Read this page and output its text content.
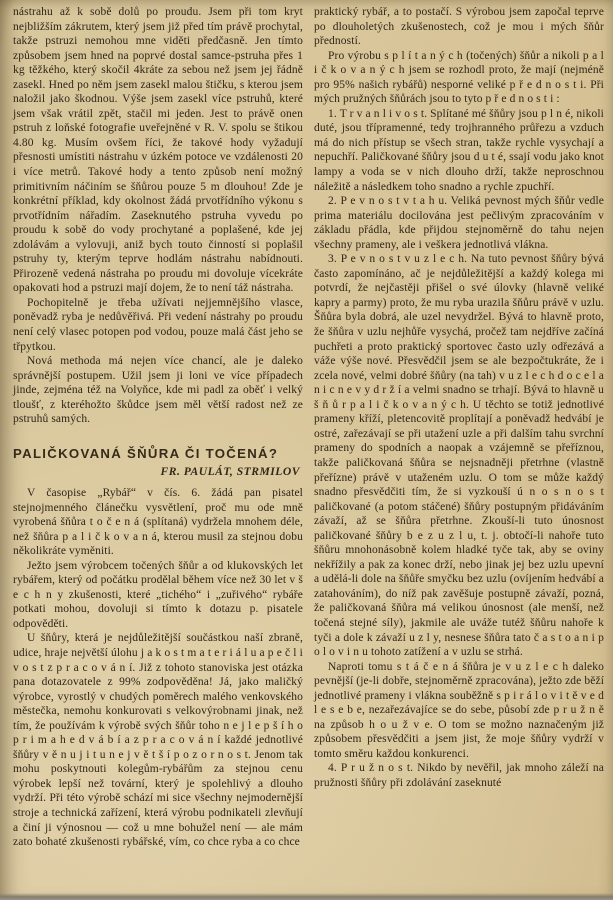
nástrahu až k sobě dolů po proudu. Jsem při tom kryt nejbližším zákrutem, který jsem již před tím právě prochytal, takže pstruzi nemohou mne viděti předčasně. Jen tímto způsobem jsem hned na poprvé dostal samce-pstruha přes 1 kg těžkého, který skočil 4kráte za sebou než jsem jej řádně zasekl. Hned po něm jsem zasekl malou štičku, s kterou jsem naložil jako škodnou. Výše jsem zasekl více pstruhů, které jsem však vrátil zpět, stačil mi jeden. Jest to právě onen pstruh z loňské fotografie uveřejněné v R. V. spolu se štikou 4.80 kg. Musím ovšem říci, že takové hody vyžadují přesnosti umístiti nástrahu v úzkém potoce ve vzdálenosti 20 i více metrů. Takové hody a tento způsob není možný primitivním náčiním se šňůrou pouze 5 m dlouhou! Zde je konkrétní příklad, kdy okolnost žádá prvotřídního výkonu s prvotřídním nářadím. Zaseknutého pstruha vyvedu po proudu k sobě do vody prochytané a poplašené, kde jej zdolávám a vylovuji, aniž bych touto činností si poplašil pstruhy ty, kterým teprve hodlám nástrahu nabídnouti. Přirozeně vedená nástraha po proudu mi dovoluje vícekráte opakovati hod a pstruzi mají dojem, že to není táž nástraha.

Pochopitelně je třeba užívati nejjemnějšího vlasce, poněvadž ryba je nedůvěřivá. Při vedení nástrahy po proudu není celý vlasec potopen pod vodou, pouze malá část jeho se třpytkou.

Nová methoda má nejen více chancí, ale je daleko správnější postupem. Užil jsem ji loni ve více případech jinde, zejména též na Volyňce, kde mi padl za oběť i velký tloušť, z kteréhožto škůdce jsem měl větší radost než ze pstruhů samých.

PALIČKOVANÁ ŠŇŮRA ČI TOČENÁ?
FR. PAULÁT, STRMILOV

V časopise „Rybář“ v čís. 6. žádá pan pisatel stejnojmenného článečku vysvětlení, proč mu ode mně vyrobená šňůra t o č e n á (splítaná) vydržela mnohem déle, než šňůra p a l i č k o v a n á, kterou musil za stejnou dobu několikráte vyměniti.

Ježto jsem výrobcem točených šňůr a od klukovských let rybářem, který od počátku prodělal během více než 30 let v š e c h n y zkušenosti, které „tichého“ i „zuřivého“ rybáře potkati mohou, dovoluji si tímto k dotazu p. pisatele odpověděti.

U šňůry, která je nejdůležitější součástkou naší zbraně, udice, hraje největší úlohu j a k o s t m a t e r i á l u a p e č l i v o s t z p r a c o v á n í. Již z tohoto stanoviska jest otázka pana dotazovatele z 99% zodpověděna! Já, jako maličký výrobce, vyrostlý v chudých poměrech malého venkovského městečka, nemohu konkurovati s velkovýrobnami jinak, než tím, že používám k výrobě svých šňůr toho n e j l e p š í h o p r i m a h e d v á b í a z p r a c o v á n í každé jednotlivé šňůry v ě n u j i t u n e j v ě t š í p o z o r n o s t. Jenom tak mohu poskytnouti kolegům-rybářům za stejnou cenu výrobek lepší než tovární, který je spolehlivý a dlouho vydrží. Při této výrobě schází mi sice všechny nejmodernější stroje a technická zařízení, která výrobu podnikateli zlevňují a činí ji výnosnou — což u mne bohužel není — ale mám zato bohaté zkušenosti rybářské, vím, co chce ryba a co chce

praktický rybář, a to postačí. S výrobou jsem započal teprve po dlouholetých zkušenostech, což je mou i mých šňůr předností.

Pro výrobu s p l í t a n ý c h (točených) šňůr a nikoli p a l i č k o v a n ý c h jsem se rozhodl proto, že mají (nejméně pro 95% našich rybářů) nesporné veliké p ř e d n o s t i. Při mých pružných šňůrách jsou to tyto p ř e d n o s t i :

1. T r v a n l i v o s t. Splítané mé šňůry jsou p l n é, nikoli duté, jsou třípramenné, tedy trojhranného průřezu a vzduch má do nich přístup se všech stran, takže rychle vysychají a nepuchří. Paličkované šňůry jsou d u t é, ssají vodu jako knot lampy a voda se v nich dlouho drží, takže neproschnou náležitě a následkem toho snadno a rychle zpuchří.

2. P e v n o s t v t a h u. Veliká pevnost mých šňůr vedle prima materiálu docilována jest pečlivým zpracováním v základu přádla, kde přijdou stejnoměrně do tahu nejen všechny prameny, ale i veškera jednotlivá vlákna.

3. P e v n o s t v u z l e c h. Na tuto pevnost šňůry bývá často zapomínáno, ač je nejdůležitější a každý kolega mi potvrdí, že nejčastěji přišel o své úlovky (hlavně veliké kapry a parmy) proto, že mu ryba urazila šňůru právě v uzlu. Šňůra byla dobrá, ale uzel nevydržel. Bývá to hlavně proto, že šňůra v uzlu nejhůře vysychá, pročež tam nejdříve začíná puchřeti a proto praktický sportovec často uzly odřezává a váže výše nové. Přesvědčil jsem se ale bezpočtukráte, že i zcela nové, velmi dobré šňůry (na tah) v u z l e c h d o c e l a n i c n e v y d r ž í a velmi snadno se trhají. Bývá to hlavně u š ň ů r p a l i č k o v a n ý c h. U těchto se totiž jednotlivé prameny kříží, pletencovitě proplítají a poněvadž hedvábí je ostré, zařezávají se při utažení uzle a při dalším tahu svrchní prameny do spodních a naopak a vzájemně se přeříznou, takže paličkovaná šňůra se nejsnadněji přetrhne (vlastně přeřízne) právě v utaženém uzlu. O tom se může každý snadno přesvědčiti tím, že si vyzkouší ú n o s n o s t paličkované (a potom stáčené) šňůry postupným přidáváním závaží, až se šňůra přetrhne. Zkouší-li tuto únosnost paličkované šňůry b e z u z l u, t. j. obtočí-li nahoře tuto šňůru mnohonásobně kolem hladké tyče tak, aby se oviny nekřížily a pak za konec drží, nebo jinak jej bez uzlu upevní a udělá-li dole na šňůře smyčku bez uzlu (ovíjením hedvábí a zatahováním), do níž pak zavěšuje postupně závaží, pozná, že paličkovaná šňůra má velikou únosnost (ale menší, než točená stejné síly), jakmile ale uváže tutéž šňůru nahoře k tyči a dole k závaží u z l y, nesnese šňůra tato č a s t o a n i p o l o v i n u tohoto zatížení a v uzlu se strhá.

Naproti tomu s t á č e n á šňůra je v u z l e c h daleko pevnější (je-li dobře, stejnoměrně zpracována), ježto zde běží jednotlivé prameny i vlákna souběžně s p i r á l o v i t ě v e d l e s e b e, nezařezávajíce se do sebe, působí zde p r u ž n ě na způsob h o u ž v e. O tom se možno naznačeným již způsobem přesvědčiti a jsem jist, že moje šňůry vydrží v tomto směru každou konkurenci.

4. P r u ž n o s t. Nikdo by nevěřil, jak mnoho záleží na pružnosti šňůry při zdolávání zaseknuté
